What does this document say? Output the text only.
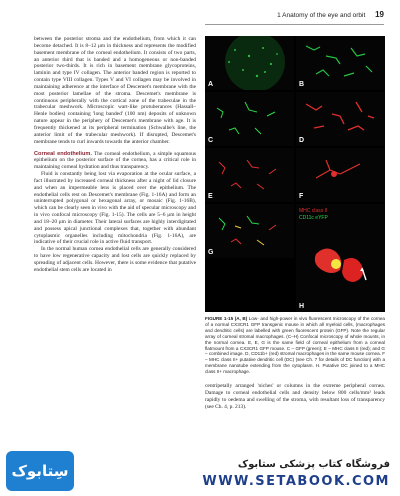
1 Anatomy of the eye and orbit 19

between the posterior stroma and the endothelium, from which it can become detached. It is 8–12 μm in thickness and represents the modified basement membrane of the corneal endothelium. It consists of two parts, an anterior third that is banded and a homogeneous or non-banded posterior two-thirds. It is rich in basement membrane glycoproteins, laminin and type IV collagen. The anterior banded region is reported to contain type VIII collagen. Types V and VI collagen may be involved in maintaining adherence at the interface of Descemet's membrane with the most posterior lamellae of the stroma. Descemet's membrane is continuous peripherally with the cortical zone of the trabeculae in the trabecular meshwork. Microscopic wart-like protuberances (Hassall–Henle bodies) containing 'long banded' (100 nm) deposits of unknown nature appear in the periphery of Descemet's membrane with age. It is frequently thickened at its peripheral termination (Schwalbe's line, the anterior limit of the trabecular meshwork). If disrupted, Descemet's membrane tends to curl inwards towards the anterior chamber.

Corneal endothelium. The corneal endothelium, a simple squamous epithelium on the posterior surface of the cornea, has a critical role in maintaining corneal hydration and thus transparency.

Fluid is constantly being lost via evaporation at the ocular surface, a fact illustrated by increased corneal thickness after a night of lid closure and when an impermeable lens is placed over the epithelium. The endothelial cells rest on Descemet's membrane (Fig. 1-16A) and form an uninterrupted polygonal or hexagonal array, or mosaic (Fig. 1-16B), which can be clearly seen in vivo with the aid of specular microscopy and in vivo confocal microscopy (Fig. 1-15). The cells are 5–6 μm in height and 18–20 μm in diameter. Their lateral surfaces are highly interdigitated and possess apical junctional complexes that, together with abundant cytoplasmic organelles including mitochondria (Fig. 1-16A), are indicative of their crucial role in active fluid transport.

In the normal human cornea endothelial cells are generally considered to have low regenerative capacity and lost cells are quickly replaced by spreading of adjacent cells. However, there is some evidence that putative endothelial stem cells are located in

A	B
C	D
E	F
G
MHC class II
CD11c eYFP
H
FIGURE 1-15 (A, B) Low- and high-power in vivo fluorescent microscopy of the cornea of a normal CX3CR1 GFP transgenic mouse in which all myeloid cells, (macrophages and dendritic cells) are labelled with green fluorescent protein (GFP). Note the regular array of corneal stromal macrophages. (C–H) Confocal microscopy of whole mounts, in the normal cornea. E, E, G is the same field of corneal epithelium from a corneal flatmount from a CX3CR1 GFP mouse. C – GFP (green); E – MHC class II (red); and G – combined image. D, CD11b+ (red) stromal macrophages in the same mouse cornea. F – MHC class II+ putative dendritic cell (DC) (see Ch. 7 for details of DC function) with a membrane nanotube extending from the cytoplasm. H. Putative DC joined to a MHC class II+ macrophage.

centripetally arranged 'niches' or columns in the extreme peripheral cornea. Damage to corneal endothelial cells and density below 800 cells/mm² leads rapidly to oedema and swelling of the stroma, with resultant loss of transparency (see Ch. 4, p. 213).

سِتابوک	فروشگاه کتاب پزشکی ستابوک
WWW.SETABOOK.COM
